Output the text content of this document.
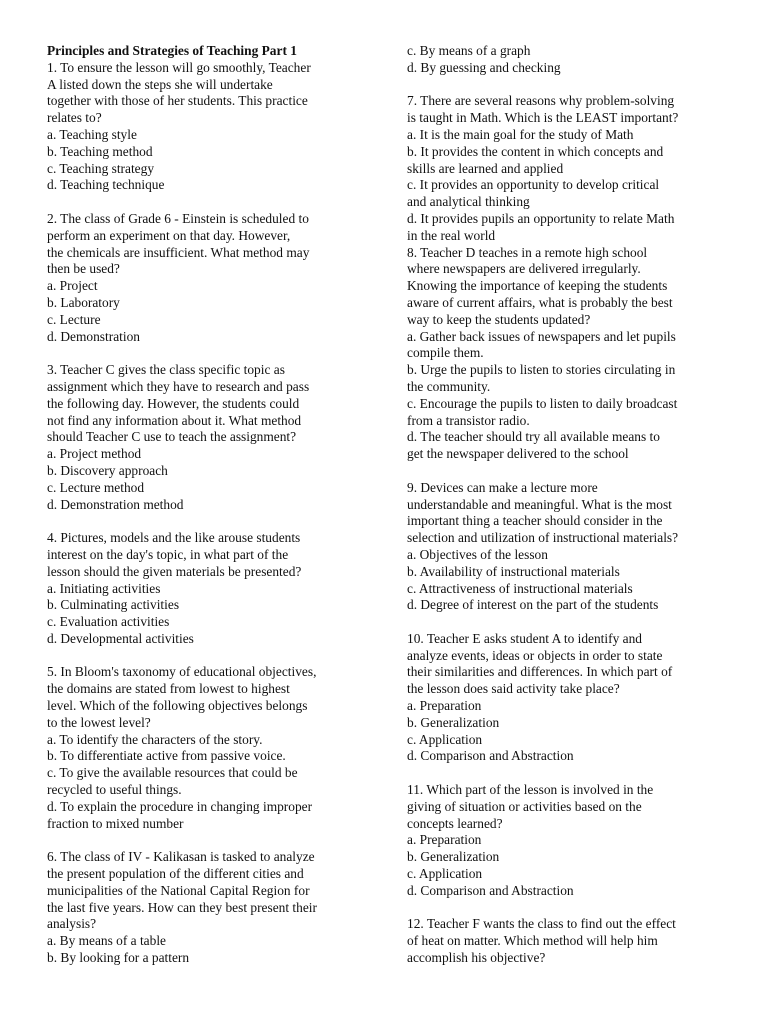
Principles and Strategies of Teaching Part 1
1. To ensure the lesson will go smoothly, Teacher
A listed down the steps she will undertake
together with those of her students. This practice
relates to?
a. Teaching style
b. Teaching method
c. Teaching strategy
d. Teaching technique
2. The class of Grade 6 - Einstein is scheduled to
perform an experiment on that day. However,
the chemicals are insufficient. What method may
then be used?
a. Project
b. Laboratory
c. Lecture
d. Demonstration
3. Teacher C gives the class specific topic as
assignment which they have to research and pass
the following day. However, the students could
not find any information about it. What method
should Teacher C use to teach the assignment?
a. Project method
b. Discovery approach
c. Lecture method
d. Demonstration method
4. Pictures, models and the like arouse students
interest on the day's topic, in what part of the
lesson should the given materials be presented?
a. Initiating activities
b. Culminating activities
c. Evaluation activities
d. Developmental activities
5. In Bloom's taxonomy of educational objectives,
the domains are stated from lowest to highest
level. Which of the following objectives belongs
to the lowest level?
a. To identify the characters of the story.
b. To differentiate active from passive voice.
c. To give the available resources that could be
recycled to useful things.
d. To explain the procedure in changing improper
fraction to mixed number
6. The class of IV - Kalikasan is tasked to analyze
the present population of the different cities and
municipalities of the National Capital Region for
the last five years. How can they best present their
analysis?
a. By means of a table
b. By looking for a pattern
c. By means of a graph
d. By guessing and checking
7. There are several reasons why problem-solving
is taught in Math. Which is the LEAST important?
a. It is the main goal for the study of Math
b. It provides the content in which concepts and
skills are learned and applied
c. It provides an opportunity to develop critical
and analytical thinking
d. It provides pupils an opportunity to relate Math
in the real world
8. Teacher D teaches in a remote high school
where newspapers are delivered irregularly.
Knowing the importance of keeping the students
aware of current affairs, what is probably the best
way to keep the students updated?
a. Gather back issues of newspapers and let pupils
compile them.
b. Urge the pupils to listen to stories circulating in
the community.
c. Encourage the pupils to listen to daily broadcast
from a transistor radio.
d. The teacher should try all available means to
get the newspaper delivered to the school
9. Devices can make a lecture more
understandable and meaningful. What is the most
important thing a teacher should consider in the
selection and utilization of instructional materials?
a. Objectives of the lesson
b. Availability of instructional materials
c. Attractiveness of instructional materials
d. Degree of interest on the part of the students
10. Teacher E asks student A to identify and
analyze events, ideas or objects in order to state
their similarities and differences. In which part of
the lesson does said activity take place?
a. Preparation
b. Generalization
c. Application
d. Comparison and Abstraction
11. Which part of the lesson is involved in the
giving of situation or activities based on the
concepts learned?
a. Preparation
b. Generalization
c. Application
d. Comparison and Abstraction
12. Teacher F wants the class to find out the effect
of heat on matter. Which method will help him
accomplish his objective?
